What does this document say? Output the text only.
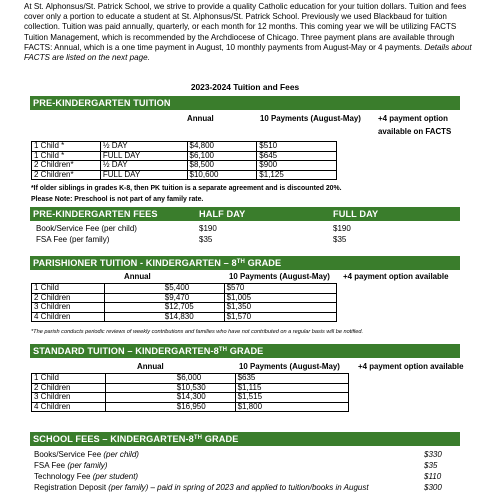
At St. Alphonsus/St. Patrick School, we strive to provide a quality Catholic education for your tuition dollars. Tuition and fees cover only a portion to educate a student at St. Alphonsus/St. Patrick School. Previously we used Blackbaud for tuition collection. Tuition was paid annually, quarterly, or each month for 12 months. This coming year we will be utilizing FACTS Tuition Management, which is recommended by the Archdiocese of Chicago. Three payment plans are available through FACTS: Annual, which is a one time payment in August, 10 monthly payments from August-May or 4 payments. Details about FACTS are listed on the next page.
2023-2024 Tuition and Fees
PRE-KINDERGARTEN TUITION
Annual	10 Payments (August-May) +4 payment option
available on FACTS
1 Child *	½ DAY	$4,800	$510
1 Child *	FULL DAY	$6,100	$645
2 Children*	½ DAY	$8,500	$900
2 Children*	FULL DAY	$10,600	$1,125
*If older siblings in grades K-8, then PK tuition is a separate agreement and is discounted 20%.
Please Note: Preschool is not part of any family rate.
PRE-KINDERGARTEN FEES	HALF DAY	FULL DAY
Book/Service Fee (per child)	$190	$190
FSA Fee (per family)	$35	$35
PARISHIONER TUITION - KINDERGARTEN – 8TH GRADE
Annual	10 Payments (August-May) +4 payment option available
1 Child	$5,400	$570
2 Children	$9,470	$1,005
3 Children	$12,705	$1,350
4 Children	$14,830	$1,570
*The parish conducts periodic reviews of weekly contributions and families who have not contributed on a regular basis will be notified.
STANDARD TUITION – KINDERGARTEN-8TH GRADE
Annual	10 Payments (August-May) +4 payment option available
1 Child	$6,000	$635
2 Children	$10,530	$1,115
3 Children	$14,300	$1,515
4 Children	$16,950	$1,800
SCHOOL FEES – KINDERGARTEN-8TH GRADE
Books/Service Fee (per child)	$330
FSA Fee (per family)	$35
Technology Fee (per student)	$110
Registration Deposit (per family) – paid in spring of 2023 and applied to tuition/books in August	$300
